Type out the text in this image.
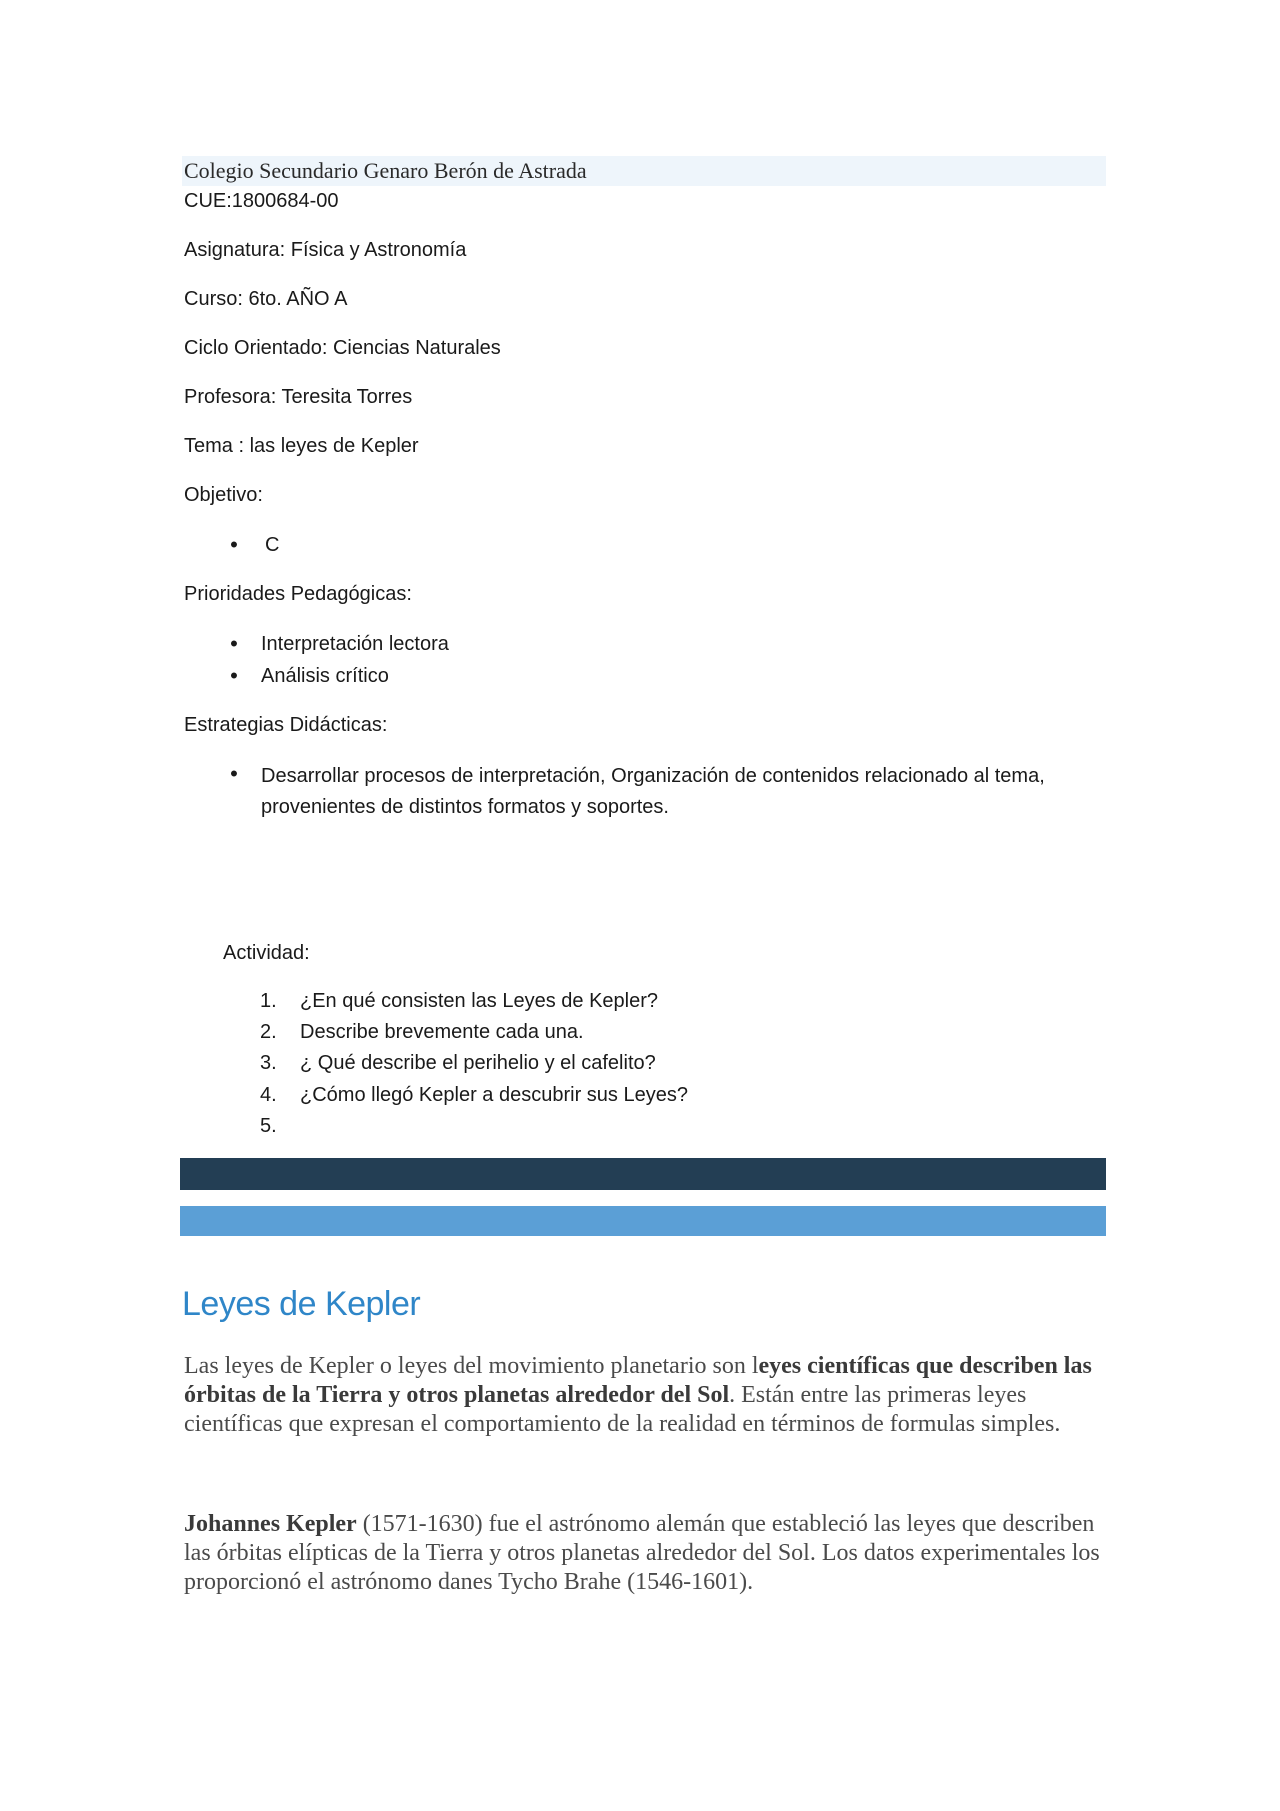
Colegio Secundario Genaro Berón de Astrada
CUE:1800684-00
Asignatura: Física y Astronomía
Curso: 6to. AÑO A
Ciclo Orientado: Ciencias Naturales
Profesora: Teresita Torres
Tema : las leyes de Kepler
Objetivo:
•	C
Prioridades Pedagógicas:
•	Interpretación lectora
•	Análisis crítico
Estrategias Didácticas:
•	Desarrollar procesos de interpretación, Organización de contenidos relacionado al tema, provenientes de distintos formatos y soportes.
Actividad:
1.	¿En qué consisten las Leyes de Kepler?
2.	Describe brevemente cada una.
3.	¿ Qué describe el perihelio y el cafelito?
4.	¿Cómo llegó Kepler a descubrir sus Leyes?
5.
Leyes de Kepler
Las leyes de Kepler o leyes del movimiento planetario son leyes científicas que describen las órbitas de la Tierra y otros planetas alrededor del Sol. Están entre las primeras leyes científicas que expresan el comportamiento de la realidad en términos de formulas simples.
Johannes Kepler (1571-1630) fue el astrónomo alemán que estableció las leyes que describen las órbitas elípticas de la Tierra y otros planetas alrededor del Sol. Los datos experimentales los proporcionó el astrónomo danes Tycho Brahe (1546-1601).
